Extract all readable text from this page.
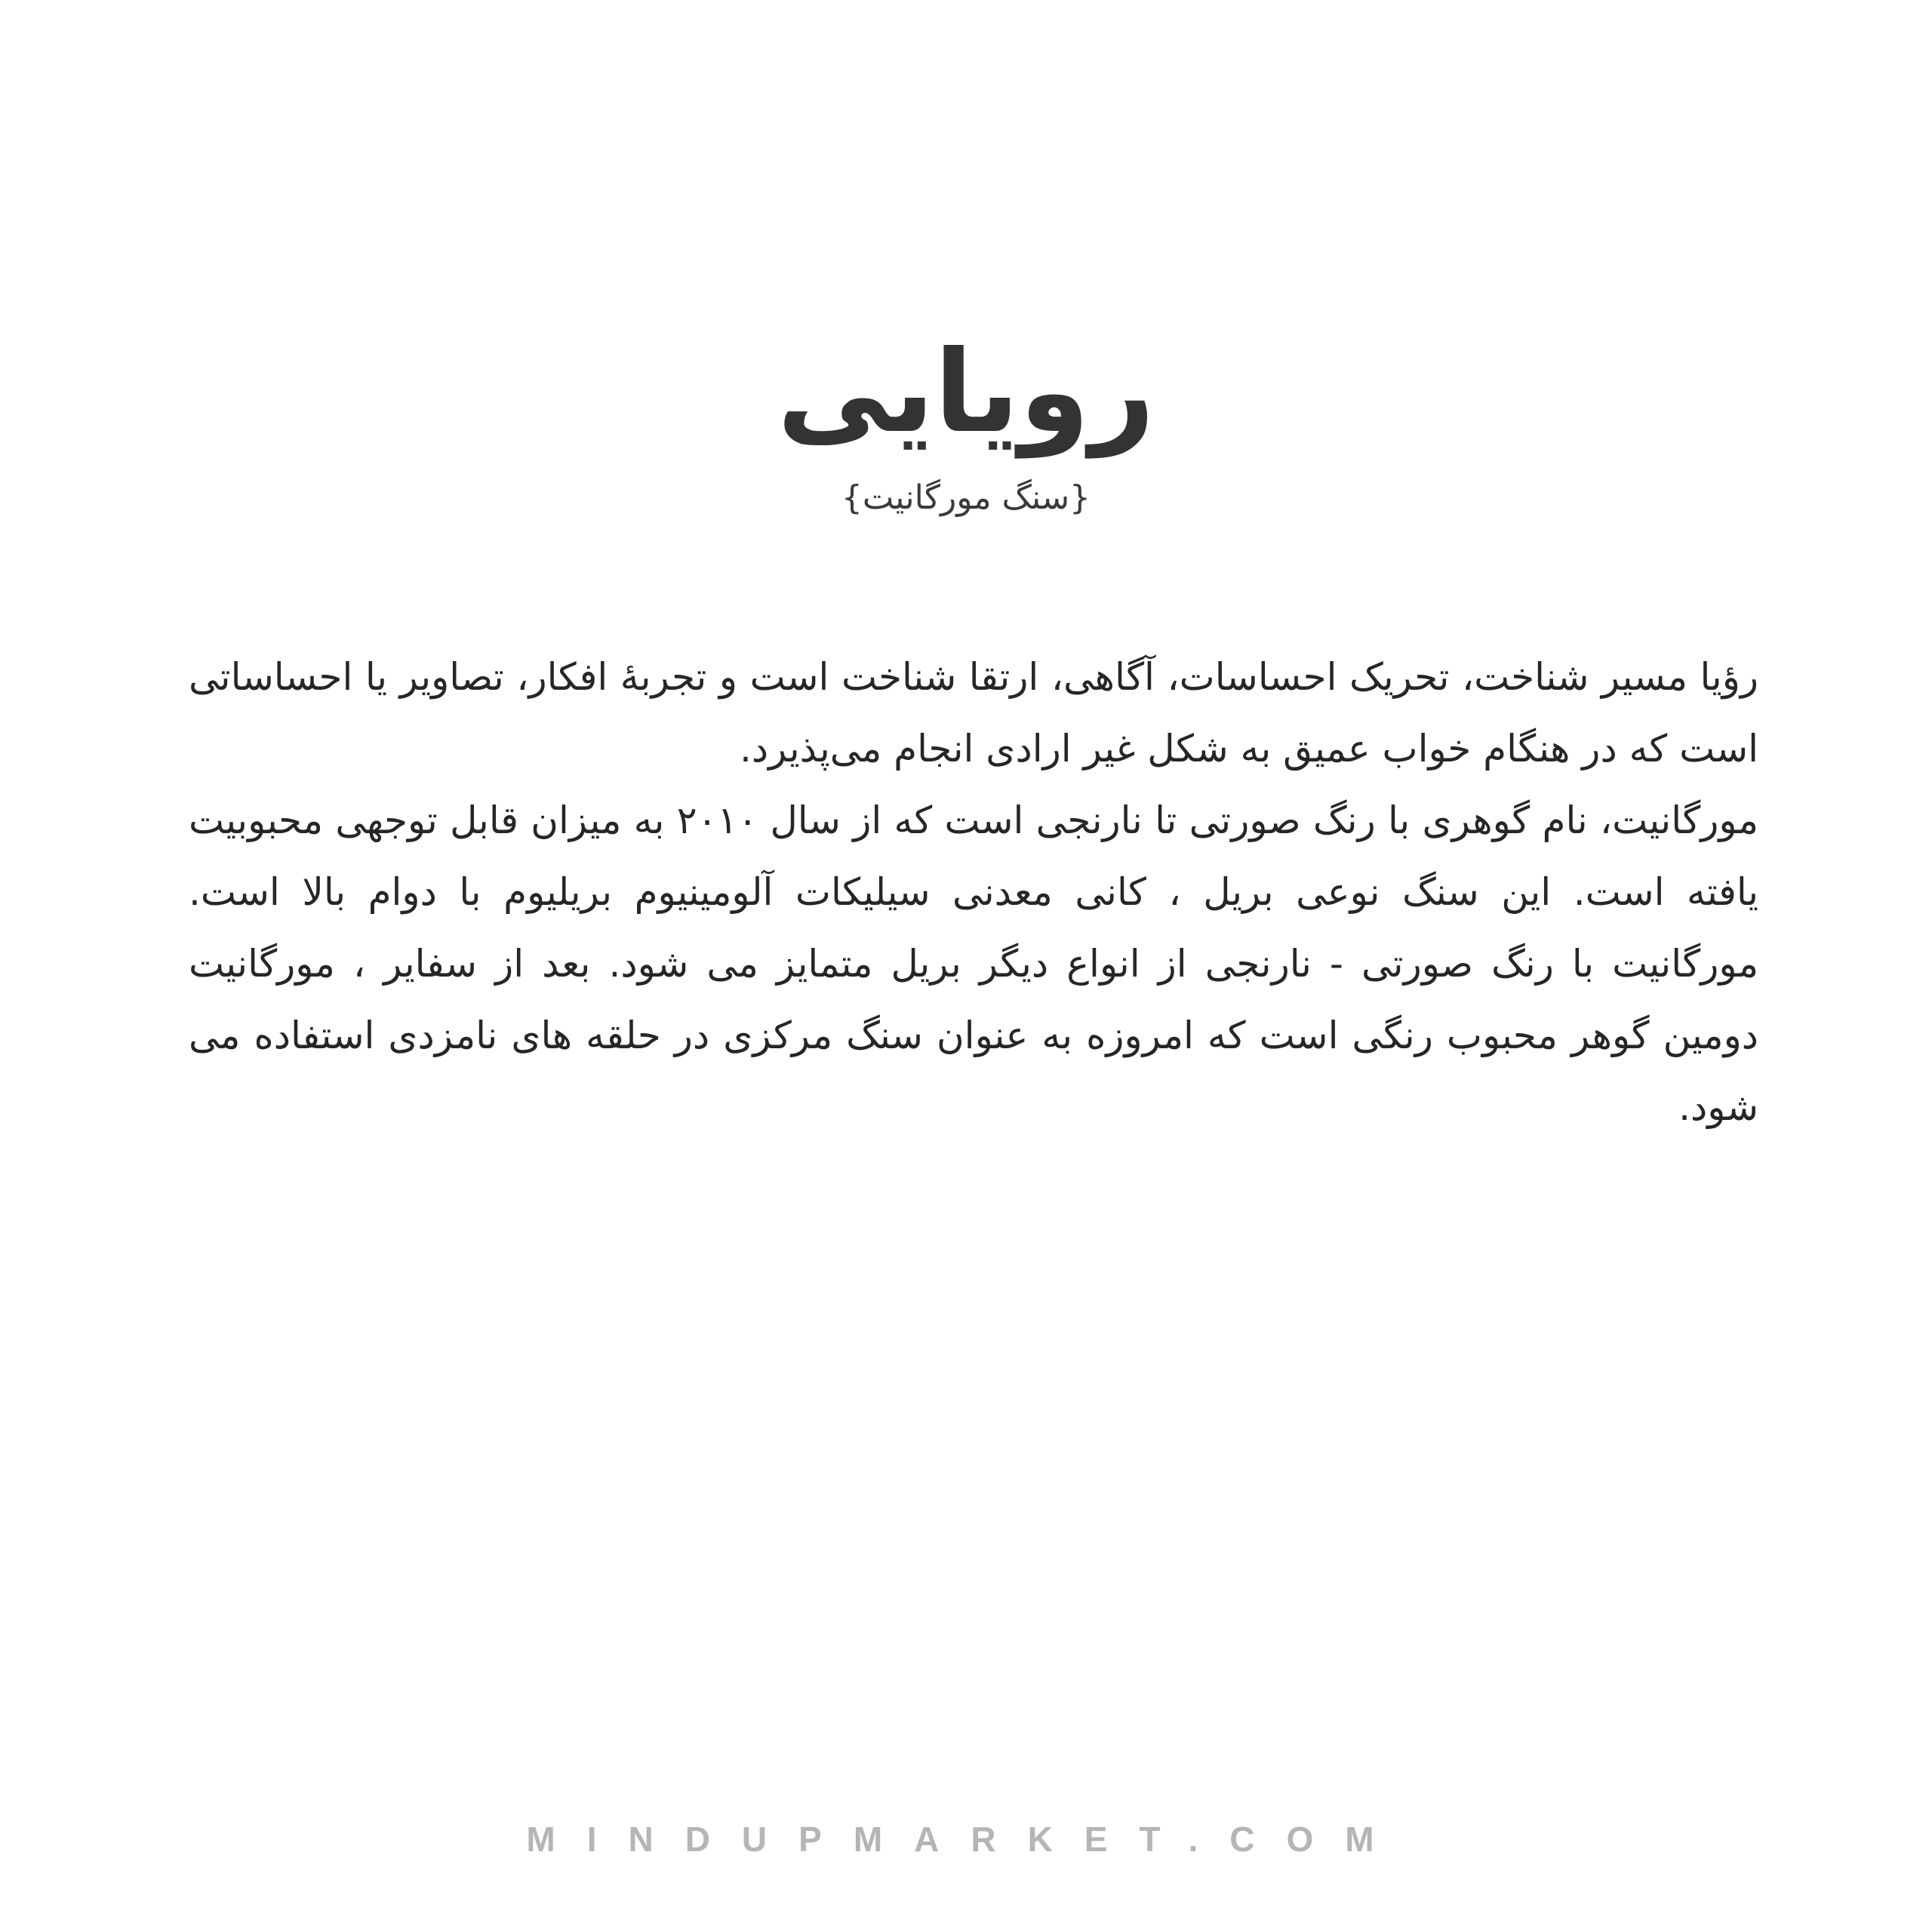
رویایی
{سنگ مورگانیت}

رؤیا مسیر شناخت، تحریک احساسات، آگاهی، ارتقا شناخت است و تجربهٔ افکار، تصاویر یا احساساتی است که در هنگام خواب عمیق به شکل غیر ارادی انجام می‌پذیرد.

مورگانیت، نام گوهری با رنگ صورتی تا نارنجی است که از سال ۲۰۱۰ به میزان قابل توجهی محبوبیت یافته است. این سنگ نوعی بریل ، کانی معدنی سیلیکات آلومینیوم بریلیوم با دوام بالا است. مورگانیت با رنگ صورتی - نارنجی از انواع دیگر بریل متمایز می شود. بعد از سفایر ، مورگانیت دومین گوهر محبوب رنگی است که امروزه به عنوان سنگ مرکزی در حلقه های نامزدی استفاده می شود.

MINDUPMARKET.COM
